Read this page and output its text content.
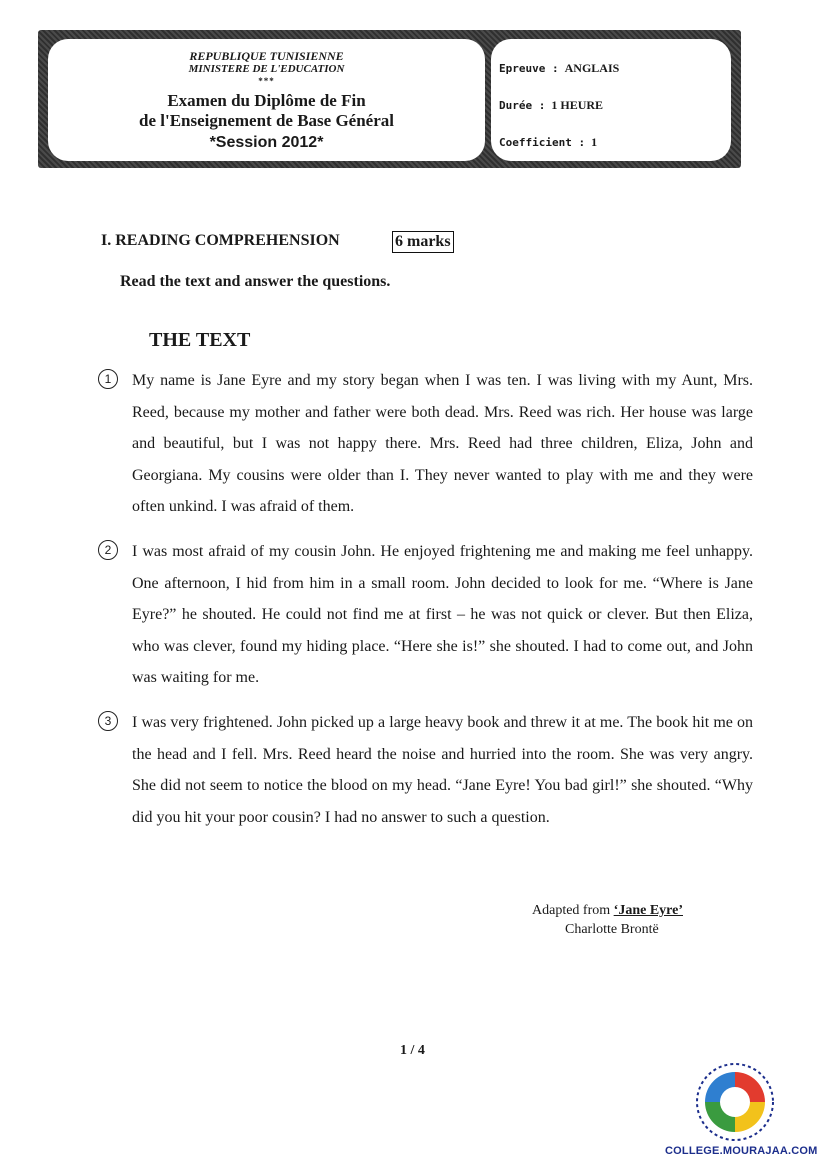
REPUBLIQUE TUNISIENNE
MINISTERE DE L'EDUCATION
***
Examen du Diplôme de Fin
de l'Enseignement de Base Général
*Session 2012*
Epreuve : ANGLAIS
Durée : 1 HEURE
Coefficient : 1
I. READING COMPREHENSION	6 marks
Read the text and answer the questions.
THE TEXT
1	My name is Jane Eyre and my story began when I was ten. I was living with my Aunt, Mrs. Reed, because my mother and father were both dead. Mrs. Reed was rich. Her house was large and beautiful, but I was not happy there. Mrs. Reed had three children, Eliza, John and Georgiana. My cousins were older than I. They never wanted to play with me and they were often unkind. I was afraid of them.
2	I was most afraid of my cousin John. He enjoyed frightening me and making me feel unhappy. One afternoon, I hid from him in a small room. John decided to look for me. “Where is Jane Eyre?” he shouted. He could not find me at first – he was not quick or clever. But then Eliza, who was clever, found my hiding place. “Here she is!” she shouted. I had to come out, and John was waiting for me.
3	I was very frightened. John picked up a large heavy book and threw it at me. The book hit me on the head and I fell. Mrs. Reed heard the noise and hurried into the room. She was very angry. She did not seem to notice the blood on my head. “Jane Eyre! You bad girl!” she shouted. “Why did you hit your poor cousin? I had no answer to such a question.
Adapted from ‘Jane Eyre’
Charlotte Brontë
1 / 4
COLLEGE.MOURAJAA.COM
